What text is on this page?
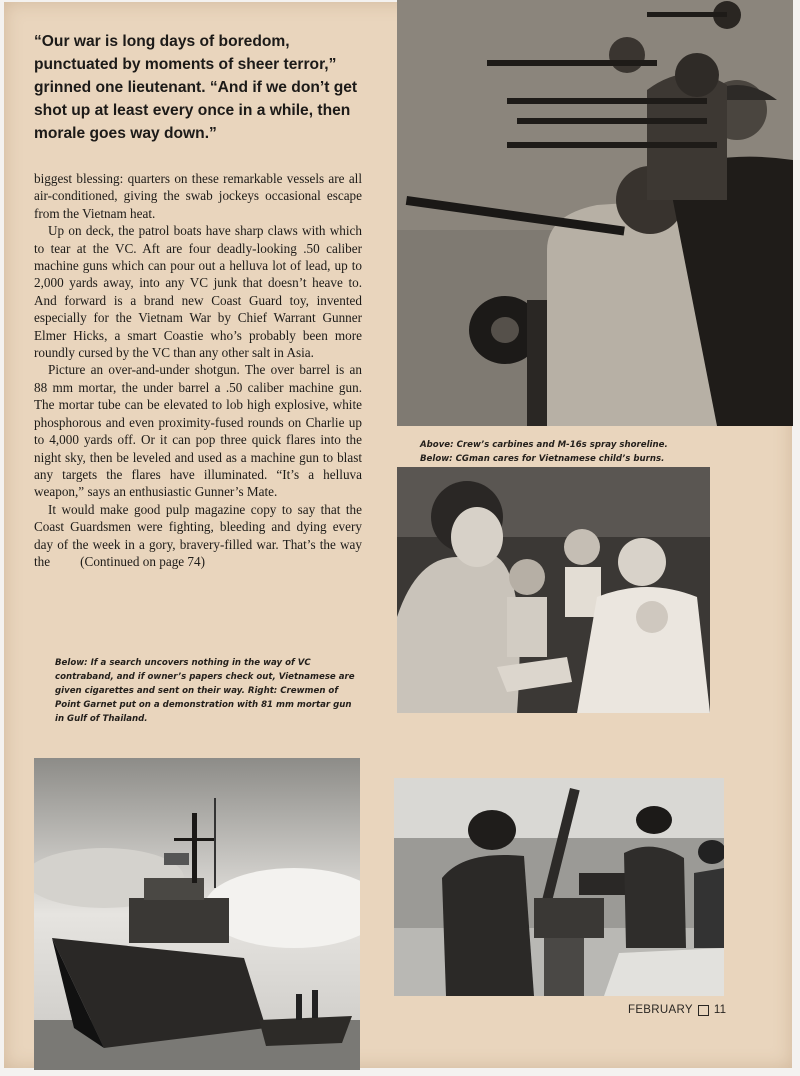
“Our war is long days of boredom, punctuated by moments of sheer terror,” grinned one lieutenant. “And if we don’t get shot up at least every once in a while, then morale goes way down.”

biggest blessing: quarters on these remarkable vessels are all air-conditioned, giving the swab jockeys occasional escape from the Vietnam heat.

Up on deck, the patrol boats have sharp claws with which to tear at the VC. Aft are four deadly-looking .50 caliber machine guns which can pour out a helluva lot of lead, up to 2,000 yards away, into any VC junk that doesn’t heave to. And forward is a brand new Coast Guard toy, invented especially for the Vietnam War by Chief Warrant Gunner Elmer Hicks, a smart Coastie who’s probably been more roundly cursed by the VC than any other salt in Asia.

Picture an over-and-under shotgun. The over barrel is an 88 mm mortar, the under barrel a .50 caliber machine gun. The mortar tube can be elevated to lob high explosive, white phosphorous and even proximity-fused rounds on Charlie up to 4,000 yards off. Or it can pop three quick flares into the night sky, then be leveled and used as a machine gun to blast any targets the flares have illuminated. “It’s a helluva weapon,” says an enthusiastic Gunner’s Mate.

It would make good pulp magazine copy to say that the Coast Guardsmen were fighting, bleeding and dying every day of the week in a gory, bravery-filled war. That’s the way the (Continued on page 74)

Above: Crew’s carbines and M-16s spray shoreline.

Below: CGman cares for Vietnamese child’s burns.

Below: If a search uncovers nothing in the way of VC contraband, and if owner’s papers check out, Vietnamese are given cigarettes and sent on their way. Right: Crewmen of Point Garnet put on a demonstration with 81 mm mortar gun in Gulf of Thailand.

FEBRUARY 11
